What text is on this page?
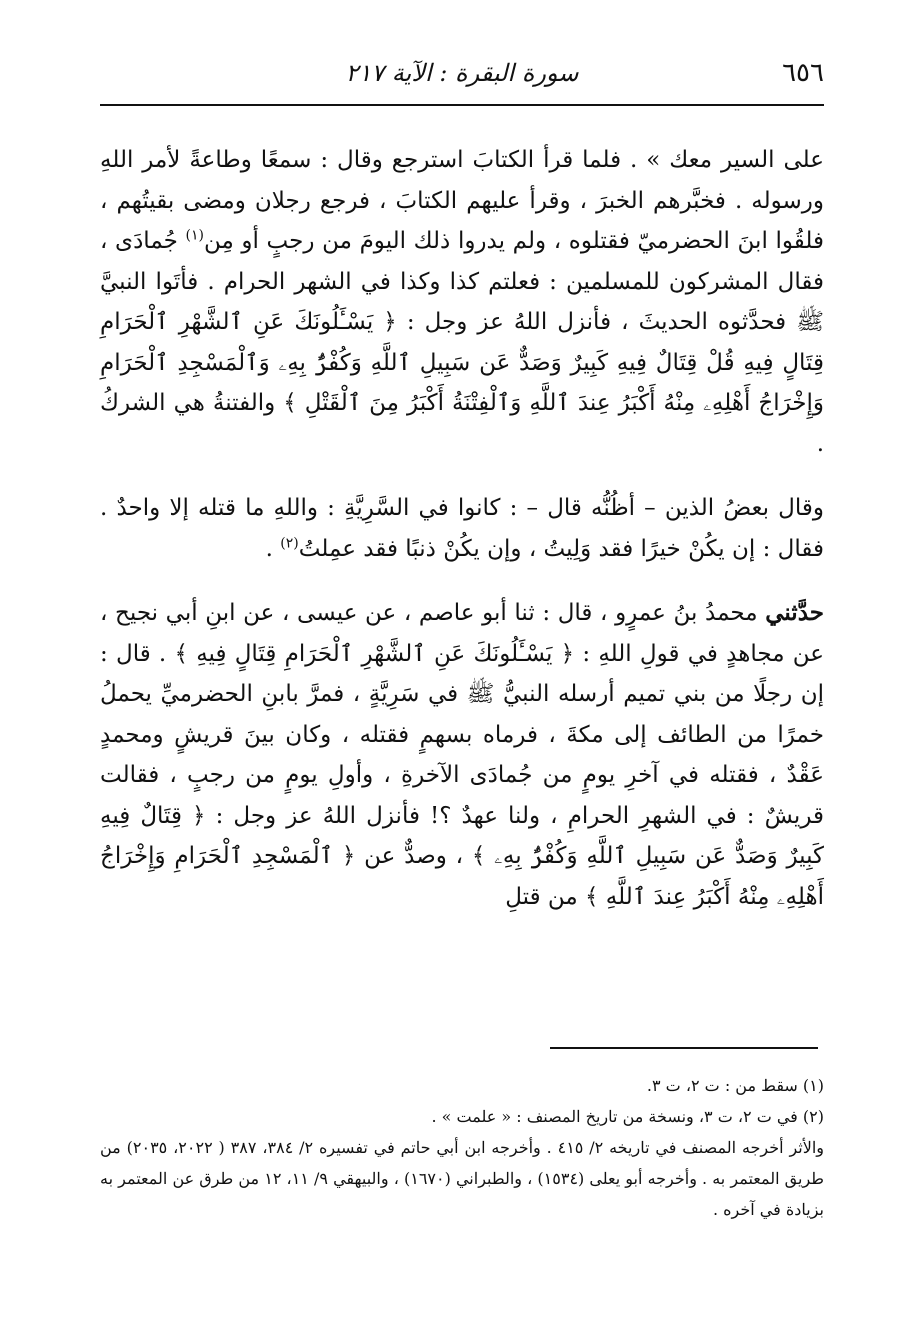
٦٥٦
سورة البقرة : الآية ٢١٧

على السير معك » . فلما قرأ الكتابَ استرجع وقال : سمعًا وطاعةً لأمر اللهِ ورسوله . فخبَّرهم الخبرَ ، وقرأ عليهم الكتابَ ، فرجع رجلان ومضى بقيتُهم ، فلقُوا ابنَ الحضرميّ فقتلوه ، ولم يدروا ذلك اليومَ من رجبٍ أو مِن$^{(١)}$ جُمادَى ، فقال المشركون للمسلمين : فعلتم كذا وكذا في الشهر الحرام . فأتَوا النبيَّ ﷺ فحدَّثوه الحديثَ ، فأنزل اللهُ عز وجل : ﴿ يَسْـَٔلُونَكَ عَنِ ٱلشَّهْرِ ٱلْحَرَامِ قِتَالٍ فِيهِ قُلْ قِتَالٌ فِيهِ كَبِيرٌ وَصَدٌّ عَن سَبِيلِ ٱللَّهِ وَكُفْرٌۢ بِهِۦ وَٱلْمَسْجِدِ ٱلْحَرَامِ وَإِخْرَاجُ أَهْلِهِۦ مِنْهُ أَكْبَرُ عِندَ ٱللَّهِ وَٱلْفِتْنَةُ أَكْبَرُ مِنَ ٱلْقَتْلِ ﴾ والفتنةُ هي الشركُ .

وقال بعضُ الذين – أظُنُّه قال – : كانوا في السَّرِيَّةِ : واللهِ ما قتله إلا واحدٌ . فقال : إن يكُنْ خيرًا فقد وَلِيتُ ، وإن يكُنْ ذنبًا فقد عمِلتُ$^{(٢)}$ .

حدَّثني محمدُ بنُ عمرٍو ، قال : ثنا أبو عاصم ، عن عيسى ، عن ابنِ أبي نجيح ، عن مجاهدٍ في قولِ اللهِ : ﴿ يَسْـَٔلُونَكَ عَنِ ٱلشَّهْرِ ٱلْحَرَامِ قِتَالٍ فِيهِ ﴾ . قال : إن رجلًا من بني تميم أرسله النبيُّ ﷺ في سَرِيَّةٍ ، فمرَّ بابنِ الحضرميِّ يحملُ خمرًا من الطائف إلى مكةَ ، فرماه بسهمٍ فقتله ، وكان بينَ قريشٍ ومحمدٍ عَقْدٌ ، فقتله في آخرِ يومٍ من جُمادَى الآخرةِ ، وأولِ يومٍ من رجبٍ ، فقالت قريشٌ : في الشهرِ الحرامِ ، ولنا عهدٌ ؟! فأنزل اللهُ عز وجل : ﴿ قِتَالٌ فِيهِ كَبِيرٌ وَصَدٌّ عَن سَبِيلِ ٱللَّهِ وَكُفْرٌۢ بِهِۦ ﴾ ، وصدٌّ عن ﴿ ٱلْمَسْجِدِ ٱلْحَرَامِ وَإِخْرَاجُ أَهْلِهِۦ مِنْهُ أَكْبَرُ عِندَ ٱللَّهِ ﴾ من قتلِ

(١) سقط من : ت ٢، ت ٣.

(٢) في ت ٢، ت ٣، ونسخة من تاريخ المصنف : « علمت » .

والأثر أخرجه المصنف في تاريخه ٢/ ٤١٥ . وأخرجه ابن أبي حاتم في تفسيره ٢/ ٣٨٤، ٣٨٧ ( ٢٠٢٢، ٢٠٣٥) من طريق المعتمر به . وأخرجه أبو يعلى (١٥٣٤) ، والطبراني (١٦٧٠) ، والبيهقي ٩/ ١١، ١٢ من طرق عن المعتمر به بزيادة في آخره .
